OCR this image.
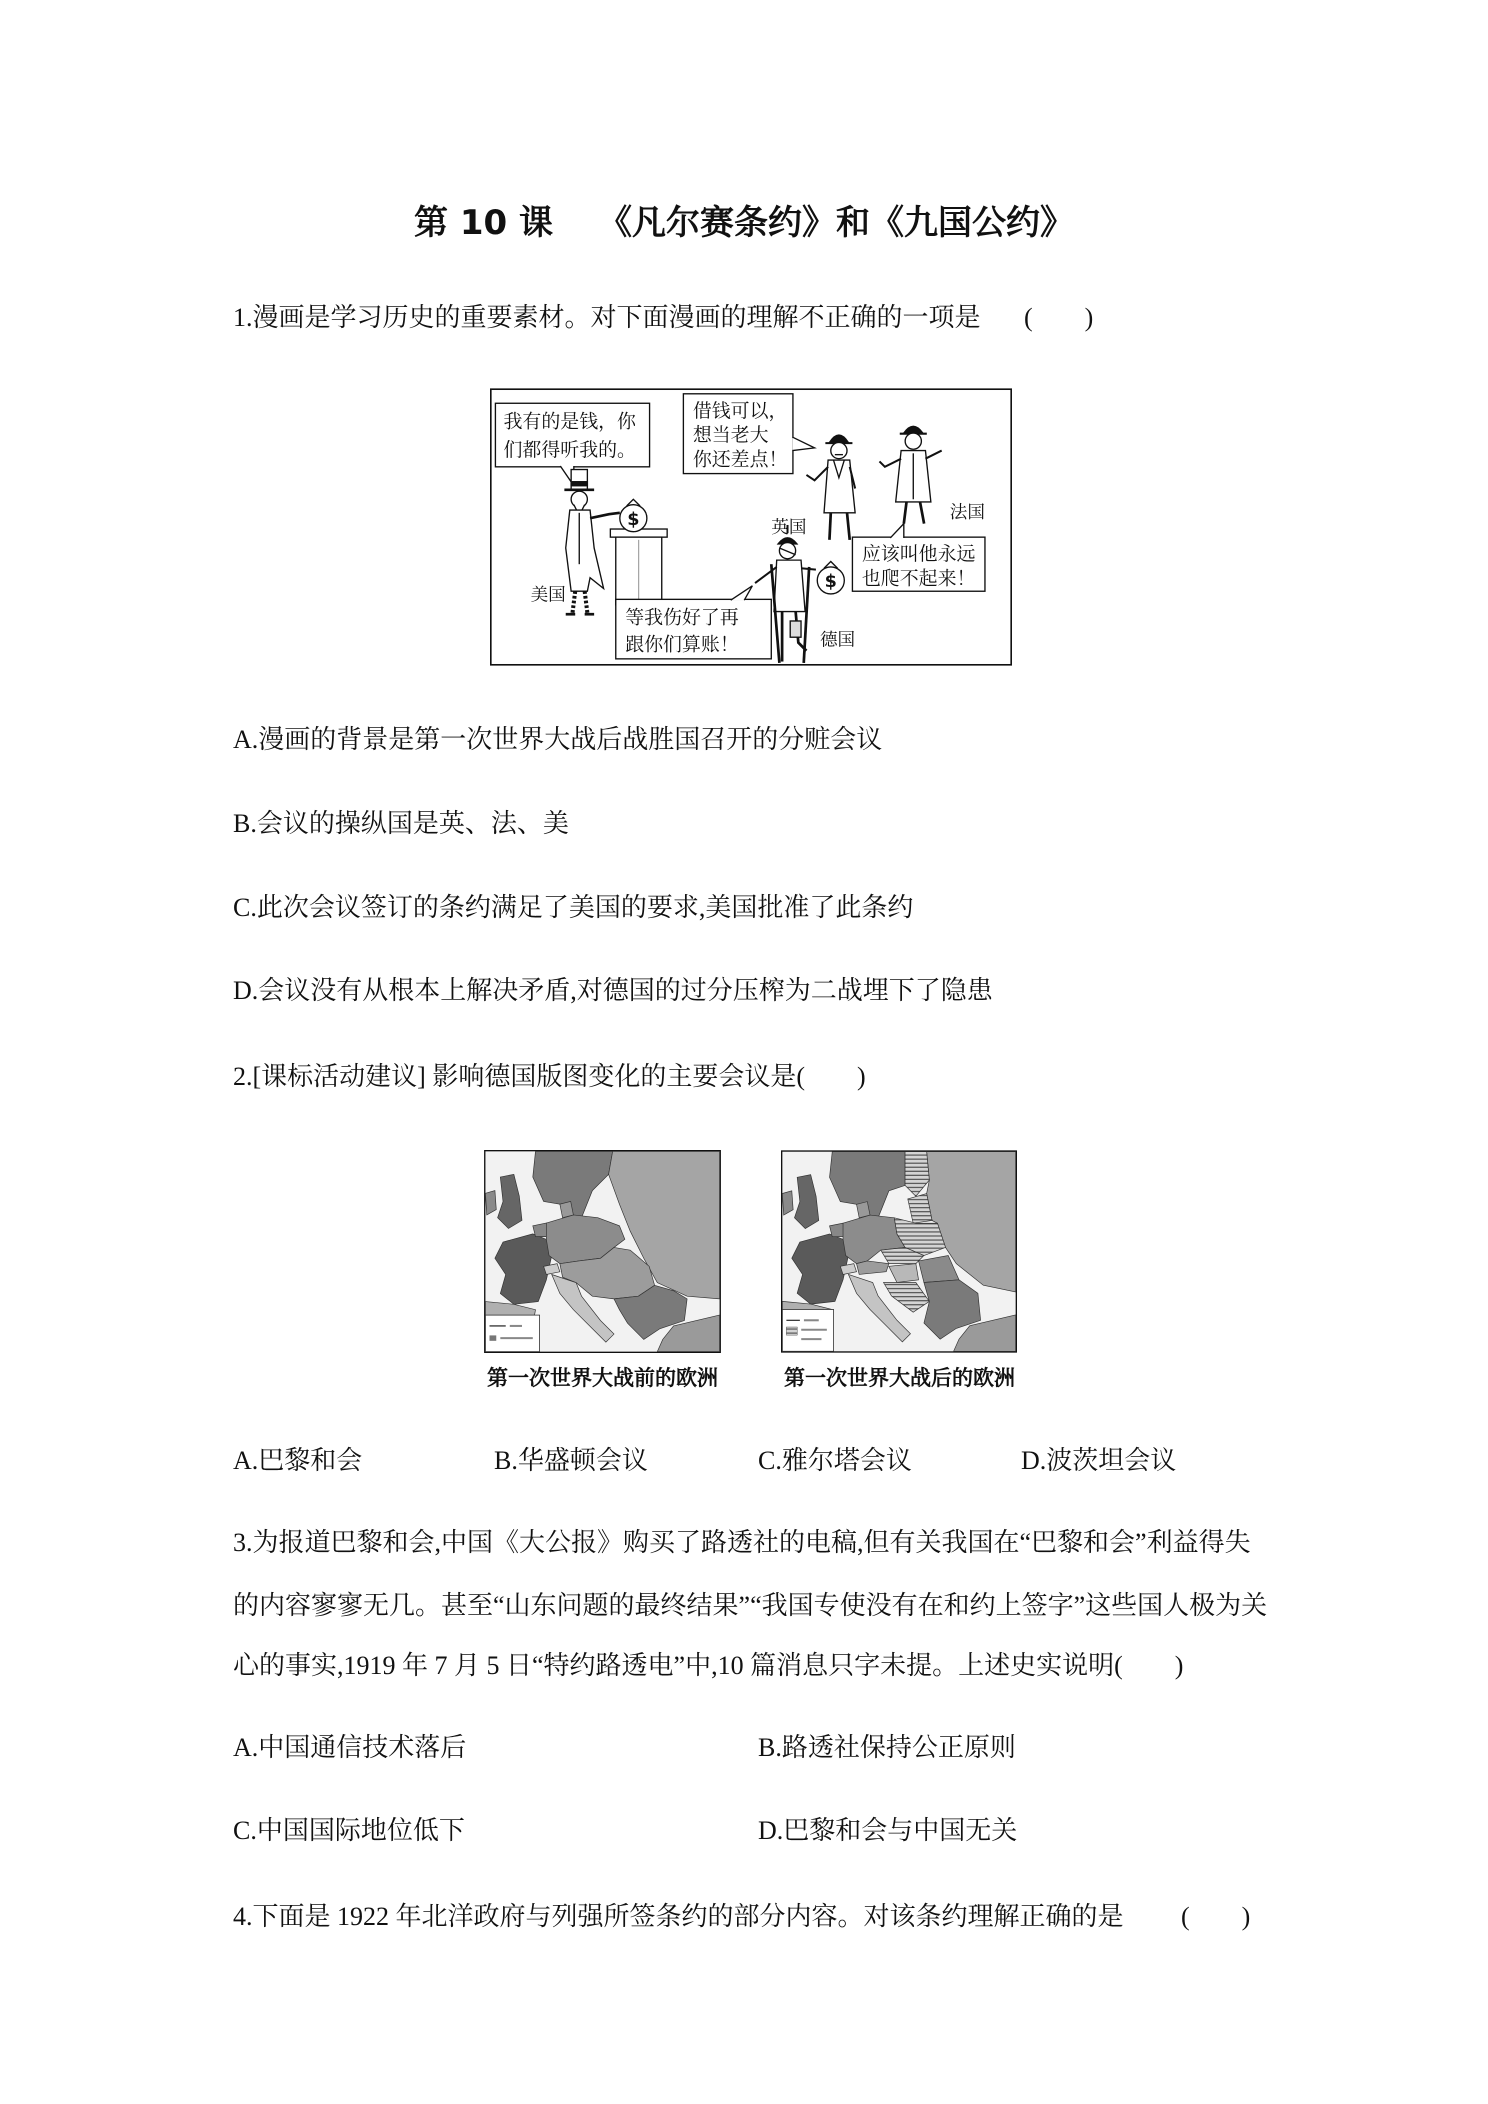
第 10 课 《凡尔赛条约》和《九国公约》
1.漫画是学习历史的重要素材。对下面漫画的理解不正确的一项是 (　　)
我有的是钱，你
们都得听我的。
美国
$
借钱可以，
想当老大
你还差点！
英国
法国
应该叫他永远
也爬不起来！
$
德国
等我伤好了再
跟你们算账！
A.漫画的背景是第一次世界大战后战胜国召开的分赃会议
B.会议的操纵国是英、法、美
C.此次会议签订的条约满足了美国的要求,美国批准了此条约
D.会议没有从根本上解决矛盾,对德国的过分压榨为二战埋下了隐患
2.[课标活动建议] 影响德国版图变化的主要会议是(　　)
第一次世界大战前的欧洲	第一次世界大战后的欧洲
A.巴黎和会	B.华盛顿会议	C.雅尔塔会议	D.波茨坦会议
3.为报道巴黎和会,中国《大公报》购买了路透社的电稿,但有关我国在“巴黎和会”利益得失
的内容寥寥无几。甚至“山东问题的最终结果”“我国专使没有在和约上签字”这些国人极为关
心的事实,1919 年 7 月 5 日“特约路透电”中,10 篇消息只字未提。上述史实说明(　　)
A.中国通信技术落后	B.路透社保持公正原则
C.中国国际地位低下	D.巴黎和会与中国无关
4.下面是 1922 年北洋政府与列强所签条约的部分内容。对该条约理解正确的是 (　　)
